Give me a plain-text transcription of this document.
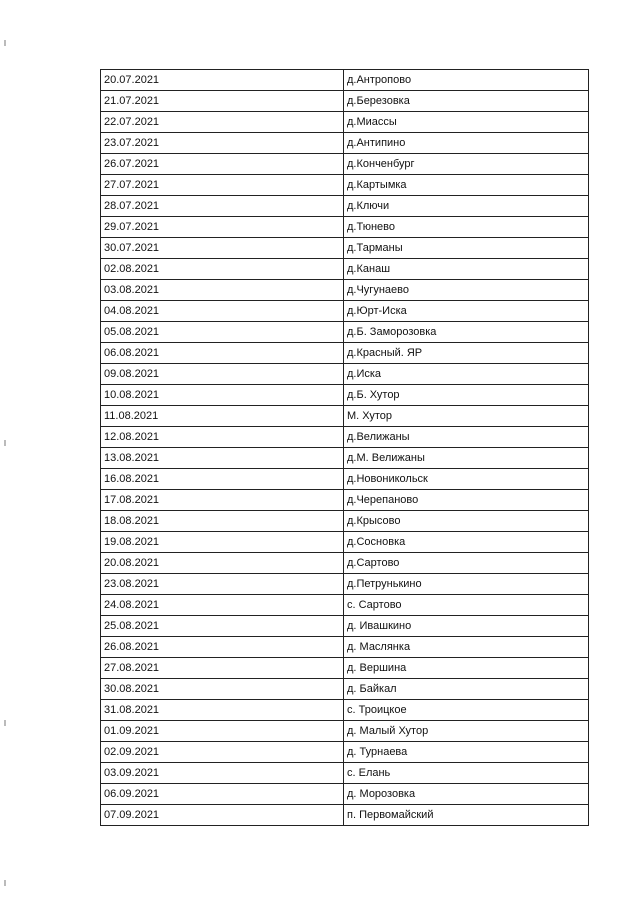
20.07.2021	д.Антропово
21.07.2021	д.Березовка
22.07.2021	д.Миассы
23.07.2021	д.Антипино
26.07.2021	д.Конченбург
27.07.2021	д.Картымка
28.07.2021	д.Ключи
29.07.2021	д.Тюнево
30.07.2021	д.Тарманы
02.08.2021	д.Канаш
03.08.2021	д.Чугунаево
04.08.2021	д.Юрт-Иска
05.08.2021	д.Б. Заморозовка
06.08.2021	д.Красный. ЯР
09.08.2021	д.Иска
10.08.2021	д.Б. Хутор
11.08.2021	М. Хутор
12.08.2021	д.Велижаны
13.08.2021	д.М. Велижаны
16.08.2021	д.Новоникольск
17.08.2021	д.Черепаново
18.08.2021	д.Крысово
19.08.2021	д.Сосновка
20.08.2021	д.Сартово
23.08.2021	д.Петрунькино
24.08.2021	с. Сартово
25.08.2021	д. Ивашкино
26.08.2021	д. Маслянка
27.08.2021	д. Вершина
30.08.2021	д. Байкал
31.08.2021	с. Троицкое
01.09.2021	д. Малый Хутор
02.09.2021	д. Турнаева
03.09.2021	с. Елань
06.09.2021	д. Морозовка
07.09.2021	п. Первомайский
